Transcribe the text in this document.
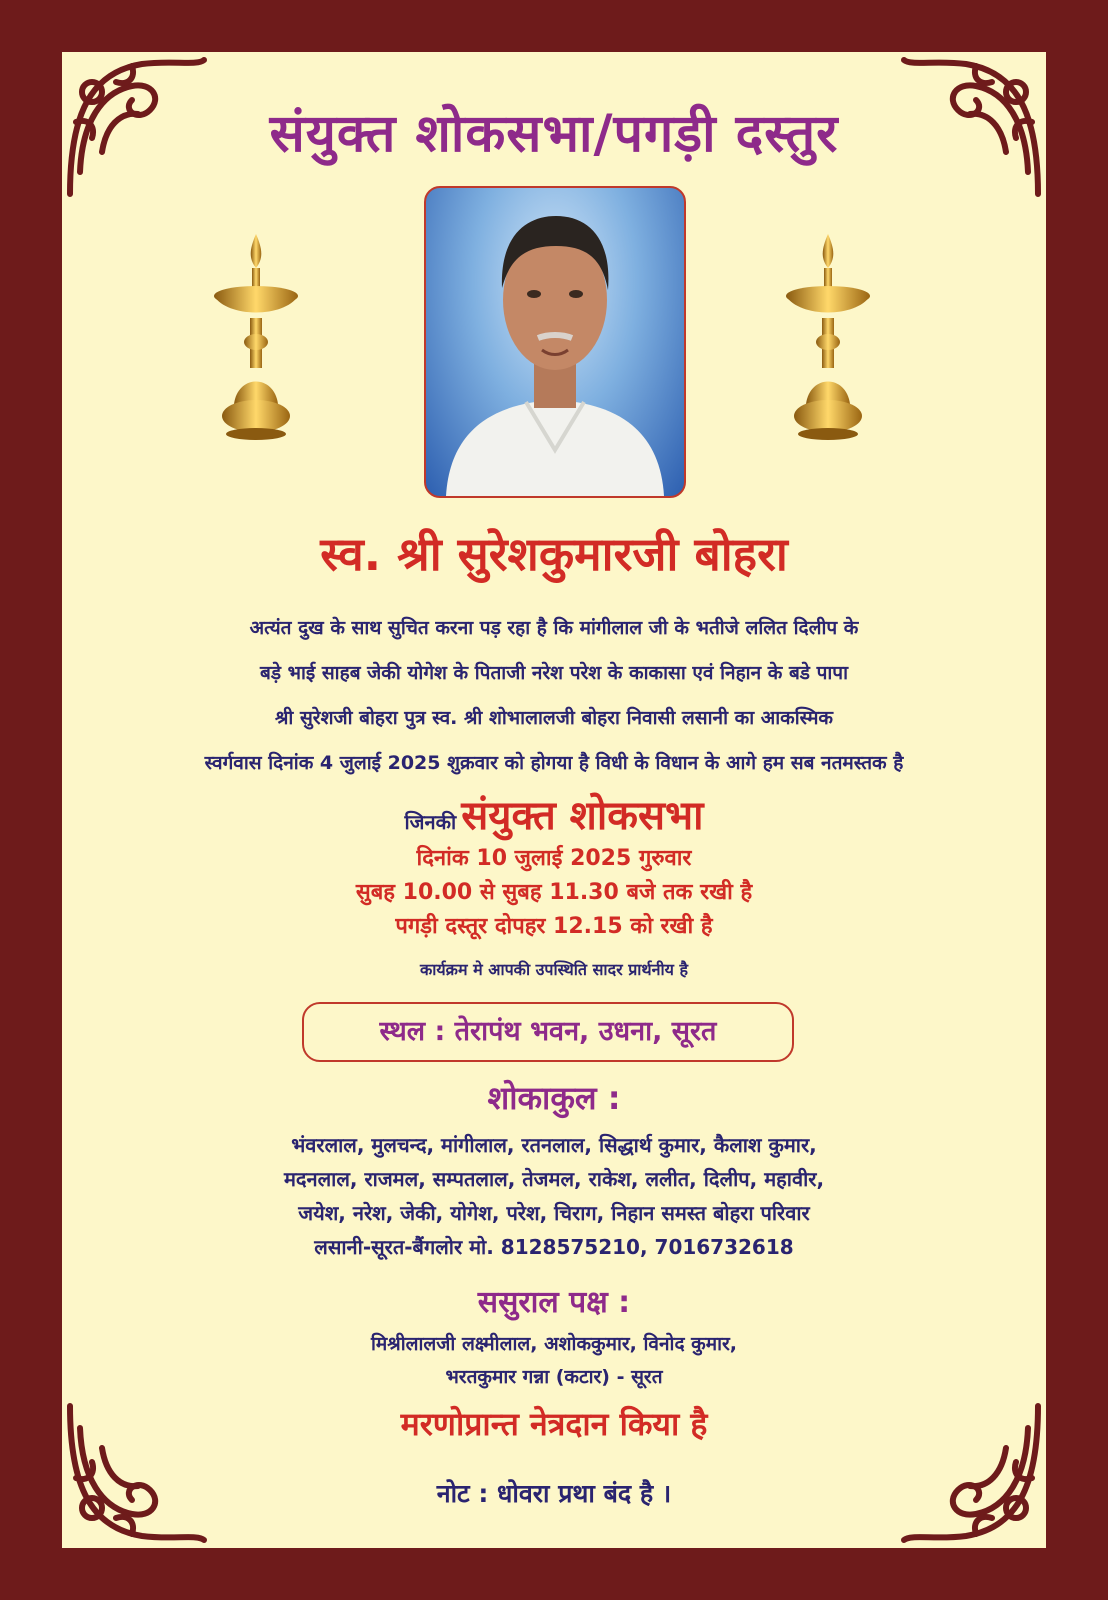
संयुक्त शोकसभा/पगड़ी दस्तुर
स्व. श्री सुरेशकुमारजी बोहरा
अत्यंत दुख के साथ सुचित करना पड़ रहा है कि मांगीलाल जी के भतीजे ललित दिलीप के
बड़े भाई साहब जेकी योगेश के पिताजी नरेश परेश के काकासा एवं निहान के बडे पापा
श्री सुरेशजी बोहरा पुत्र स्व. श्री शोभालालजी बोहरा निवासी लसानी का आकस्मिक
स्वर्गवास दिनांक 4 जुलाई 2025 शुक्रवार को होगया है विधी के विधान के आगे हम सब नतमस्तक है
जिनकी संयुक्त शोकसभा
दिनांक 10 जुलाई 2025 गुरुवार
सुबह 10.00 से सुबह 11.30 बजे तक रखी है
पगड़ी दस्तूर दोपहर 12.15 को रखी है
कार्यक्रम मे आपकी उपस्थिति सादर प्रार्थनीय है
स्थल : तेरापंथ भवन, उधना, सूरत
शोकाकुल :
भंवरलाल, मुलचन्द, मांगीलाल, रतनलाल, सिद्धार्थ कुमार, कैलाश कुमार,
मदनलाल, राजमल, सम्पतलाल, तेजमल, राकेश, ललीत, दिलीप, महावीर,
जयेश, नरेश, जेकी, योगेश, परेश, चिराग, निहान समस्त बोहरा परिवार
लसानी-सूरत-बैंगलोर मो. 8128575210, 7016732618
ससुराल पक्ष :
मिश्रीलालजी लक्ष्मीलाल, अशोककुमार, विनोद कुमार,
भरतकुमार गन्ना (कटार) - सूरत
मरणोप्रान्त नेत्रदान किया है
नोट : धोवरा प्रथा बंद है ।
